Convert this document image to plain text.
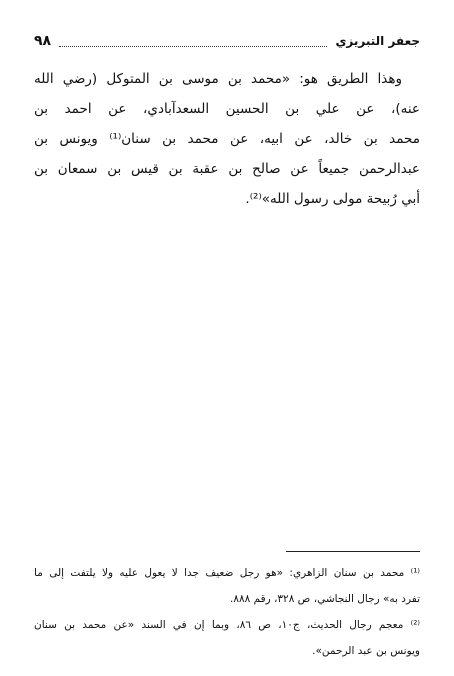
٩٨	جعفر التبريزي
وهذا الطريق هو: «محمد بن موسى بن المتوكل (رضي الله
عنه)، عن علي بن الحسين السعدآبادي، عن احمد بن
محمد بن خالد، عن ابيه، عن محمد بن سنان⁽¹⁾ ويونس بن
عبدالرحمن جميعاً عن صالح بن عقبة بن قيس بن سمعان بن
أبي رُبيحة مولى رسول الله»⁽²⁾.
⁽¹⁾ محمد بن سنان الزاهري: «هو رجل ضعيف جدا لا يعول عليه ولا يلتفت إلى ما
تفرد به» رجال النجاشي، ص ٣٢٨، رقم ٨٨٨.
⁽²⁾ معجم رجال الحديث، ج١٠، ص ٨٦، وبما إن في السند «عن محمد بن سنان
ويونس بن عبد الرحمن».
